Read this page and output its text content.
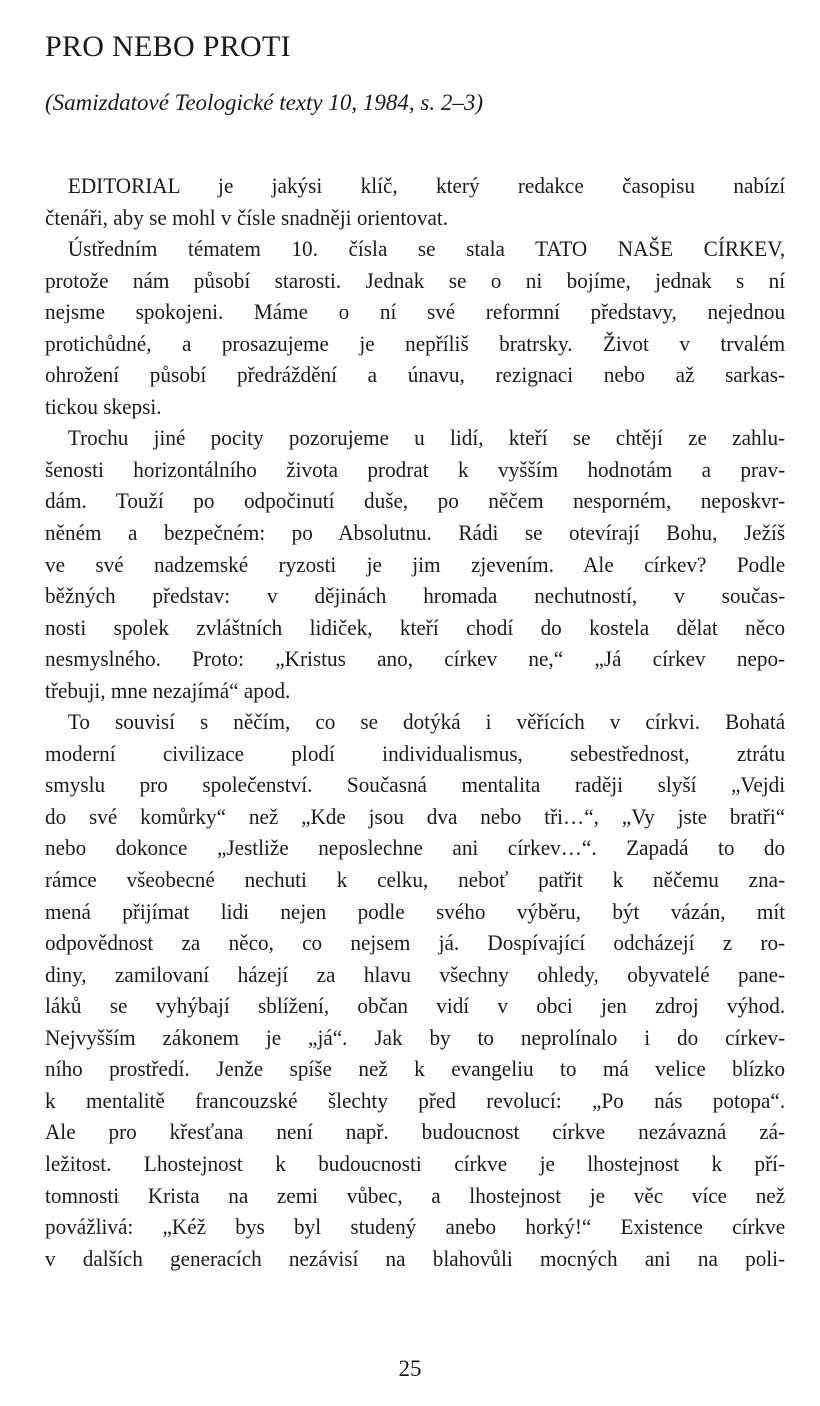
PRO NEBO PROTI
(Samizdatové Teologické texty 10, 1984, s. 2–3)
EDITORIAL je jakýsi klíč, který redakce časopisu nabízí
čtenáři, aby se mohl v čísle snadněji orientovat.
Ústředním tématem 10. čísla se stala TATO NAŠE CÍRKEV,
protože nám působí starosti. Jednak se o ni bojíme, jednak s ní
nejsme spokojeni. Máme o ní své reformní představy, nejednou
protichůdné, a prosazujeme je nepříliš bratrsky. Život v trvalém
ohrožení působí předráždění a únavu, rezignaci nebo až sarkas-
tickou skepsi.
Trochu jiné pocity pozorujeme u lidí, kteří se chtějí ze zahlu-
šenosti horizontálního života prodrat k vyšším hodnotám a prav-
dám. Touží po odpočinutí duše, po něčem nesporném, neposkvr-
něném a bezpečném: po Absolutnu. Rádi se otevírají Bohu, Ježíš
ve své nadzemské ryzosti je jim zjevením. Ale církev? Podle
běžných představ: v dějinách hromada nechutností, v součas-
nosti spolek zvláštních lidiček, kteří chodí do kostela dělat něco
nesmyslného. Proto: „Kristus ano, církev ne,“ „Já církev nepo-
třebuji, mne nezajímá“ apod.
To souvisí s něčím, co se dotýká i věřících v církvi. Bohatá
moderní civilizace plodí individualismus, sebestřednost, ztrátu
smyslu pro společenství. Současná mentalita raději slyší „Vejdi
do své komůrky“ než „Kde jsou dva nebo tři…“, „Vy jste bratři“
nebo dokonce „Jestliže neposlechne ani církev…“. Zapadá to do
rámce všeobecné nechuti k celku, neboť patřit k něčemu zna-
mená přijímat lidi nejen podle svého výběru, být vázán, mít
odpovědnost za něco, co nejsem já. Dospívající odcházejí z ro-
diny, zamilovaní házejí za hlavu všechny ohledy, obyvatelé pane-
láků se vyhýbají sblížení, občan vidí v obci jen zdroj výhod.
Nejvyšším zákonem je „já“. Jak by to neprolínalo i do církev-
ního prostředí. Jenže spíše než k evangeliu to má velice blízko
k mentalitě francouzské šlechty před revolucí: „Po nás potopa“.
Ale pro křesťana není např. budoucnost církve nezávazná zá-
ležitost. Lhostejnost k budoucnosti církve je lhostejnost k pří-
tomnosti Krista na zemi vůbec, a lhostejnost je věc více než
povážlivá: „Kéž bys byl studený anebo horký!“ Existence církve
v dalších generacích nezávisí na blahovůli mocných ani na poli-
25
